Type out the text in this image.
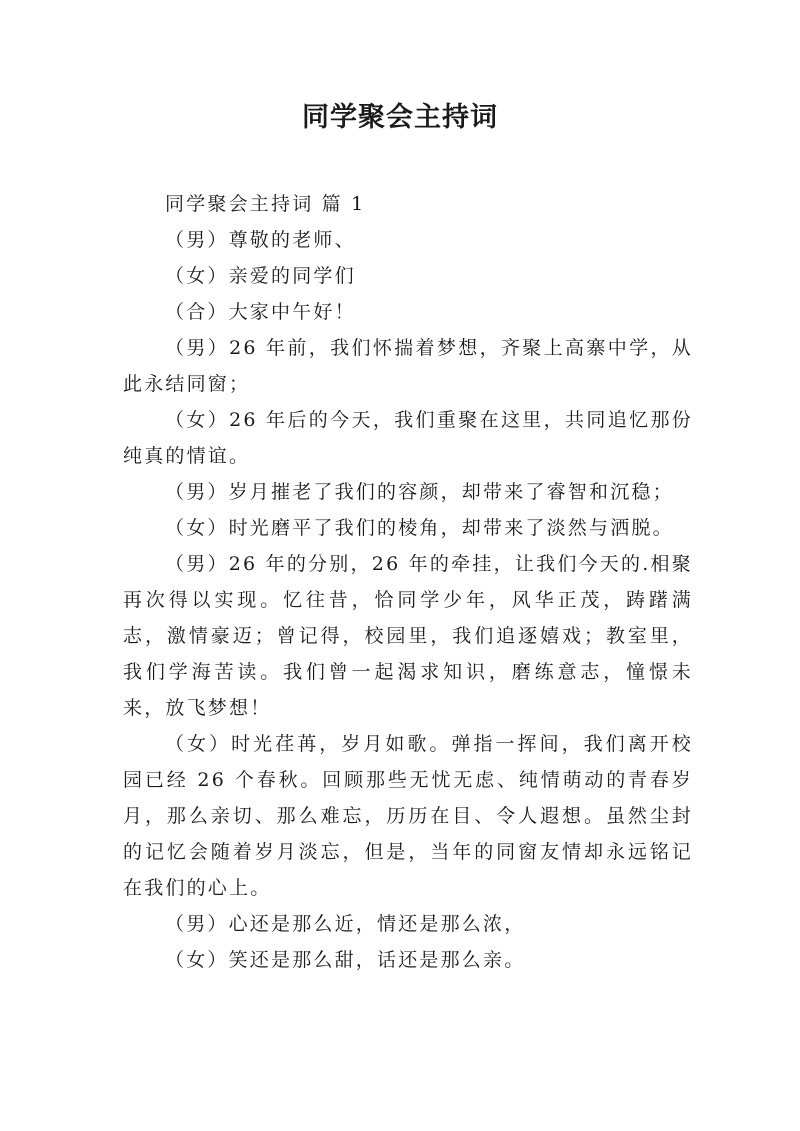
同学聚会主持词

同学聚会主持词 篇 1

（男）尊敬的老师、

（女）亲爱的同学们

（合）大家中午好！

（男）26 年前，我们怀揣着梦想，齐聚上高寨中学，从此永结同窗；

（女）26 年后的今天，我们重聚在这里，共同追忆那份纯真的情谊。

（男）岁月摧老了我们的容颜，却带来了睿智和沉稳；

（女）时光磨平了我们的棱角，却带来了淡然与洒脱。

（男）26 年的分别，26 年的牵挂，让我们今天的.相聚再次得以实现。忆往昔，恰同学少年，风华正茂，踌躇满志，激情豪迈；曾记得，校园里，我们追逐嬉戏；教室里，我们学海苦读。我们曾一起渴求知识，磨练意志，憧憬未来，放飞梦想！

（女）时光荏苒，岁月如歌。弹指一挥间，我们离开校园已经 26 个春秋。回顾那些无忧无虑、纯情萌动的青春岁月，那么亲切、那么难忘，历历在目、令人遐想。虽然尘封的记忆会随着岁月淡忘，但是，当年的同窗友情却永远铭记在我们的心上。

（男）心还是那么近，情还是那么浓，

（女）笑还是那么甜，话还是那么亲。
